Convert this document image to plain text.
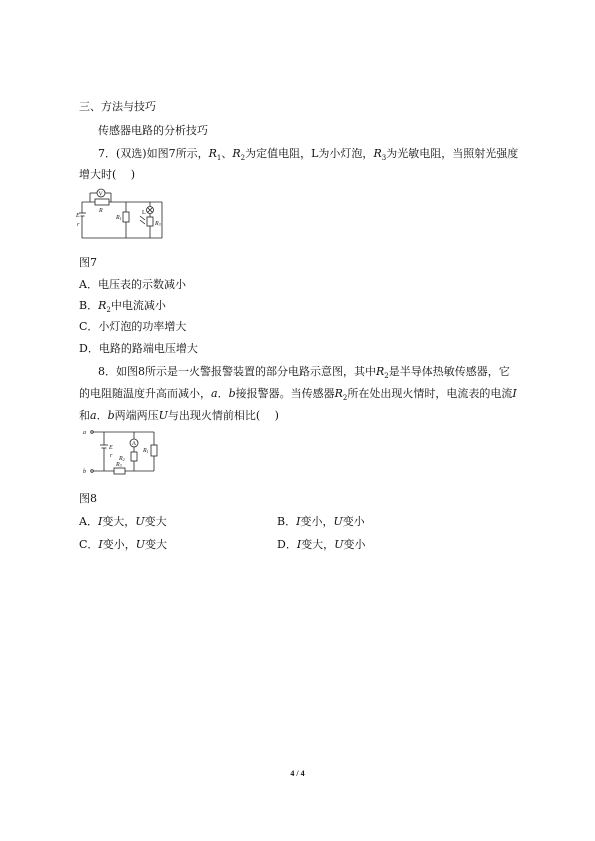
三、方法与技巧
传感器电路的分析技巧
7．(双选)如图7所示，$R_1$、$R_2$为定值电阻，L为小灯泡，$R_3$为光敏电阻，当照射光强度
增大时(　 )
V
R
E
r
R1
L
R3
图7
A．电压表的示数减小
B．$R_2$中电流减小
C．小灯泡的功率增大
D．电路的路端电压增大
8．如图8所示是一火警报警装置的部分电路示意图，其中$R_2$是半导体热敏传感器，它
的电阻随温度升高而减小，a．b接报警器。当传感器$R_2$所在处出现火情时，电流表的电流I
和a．b两端两压U与出现火情前相比(　 )
a
b
E
r
A
R2
R3
R1
图8
A．I变大，U变大	B．I变小，U变小
C．I变小，U变大	D．I变大，U变小
4 / 4
